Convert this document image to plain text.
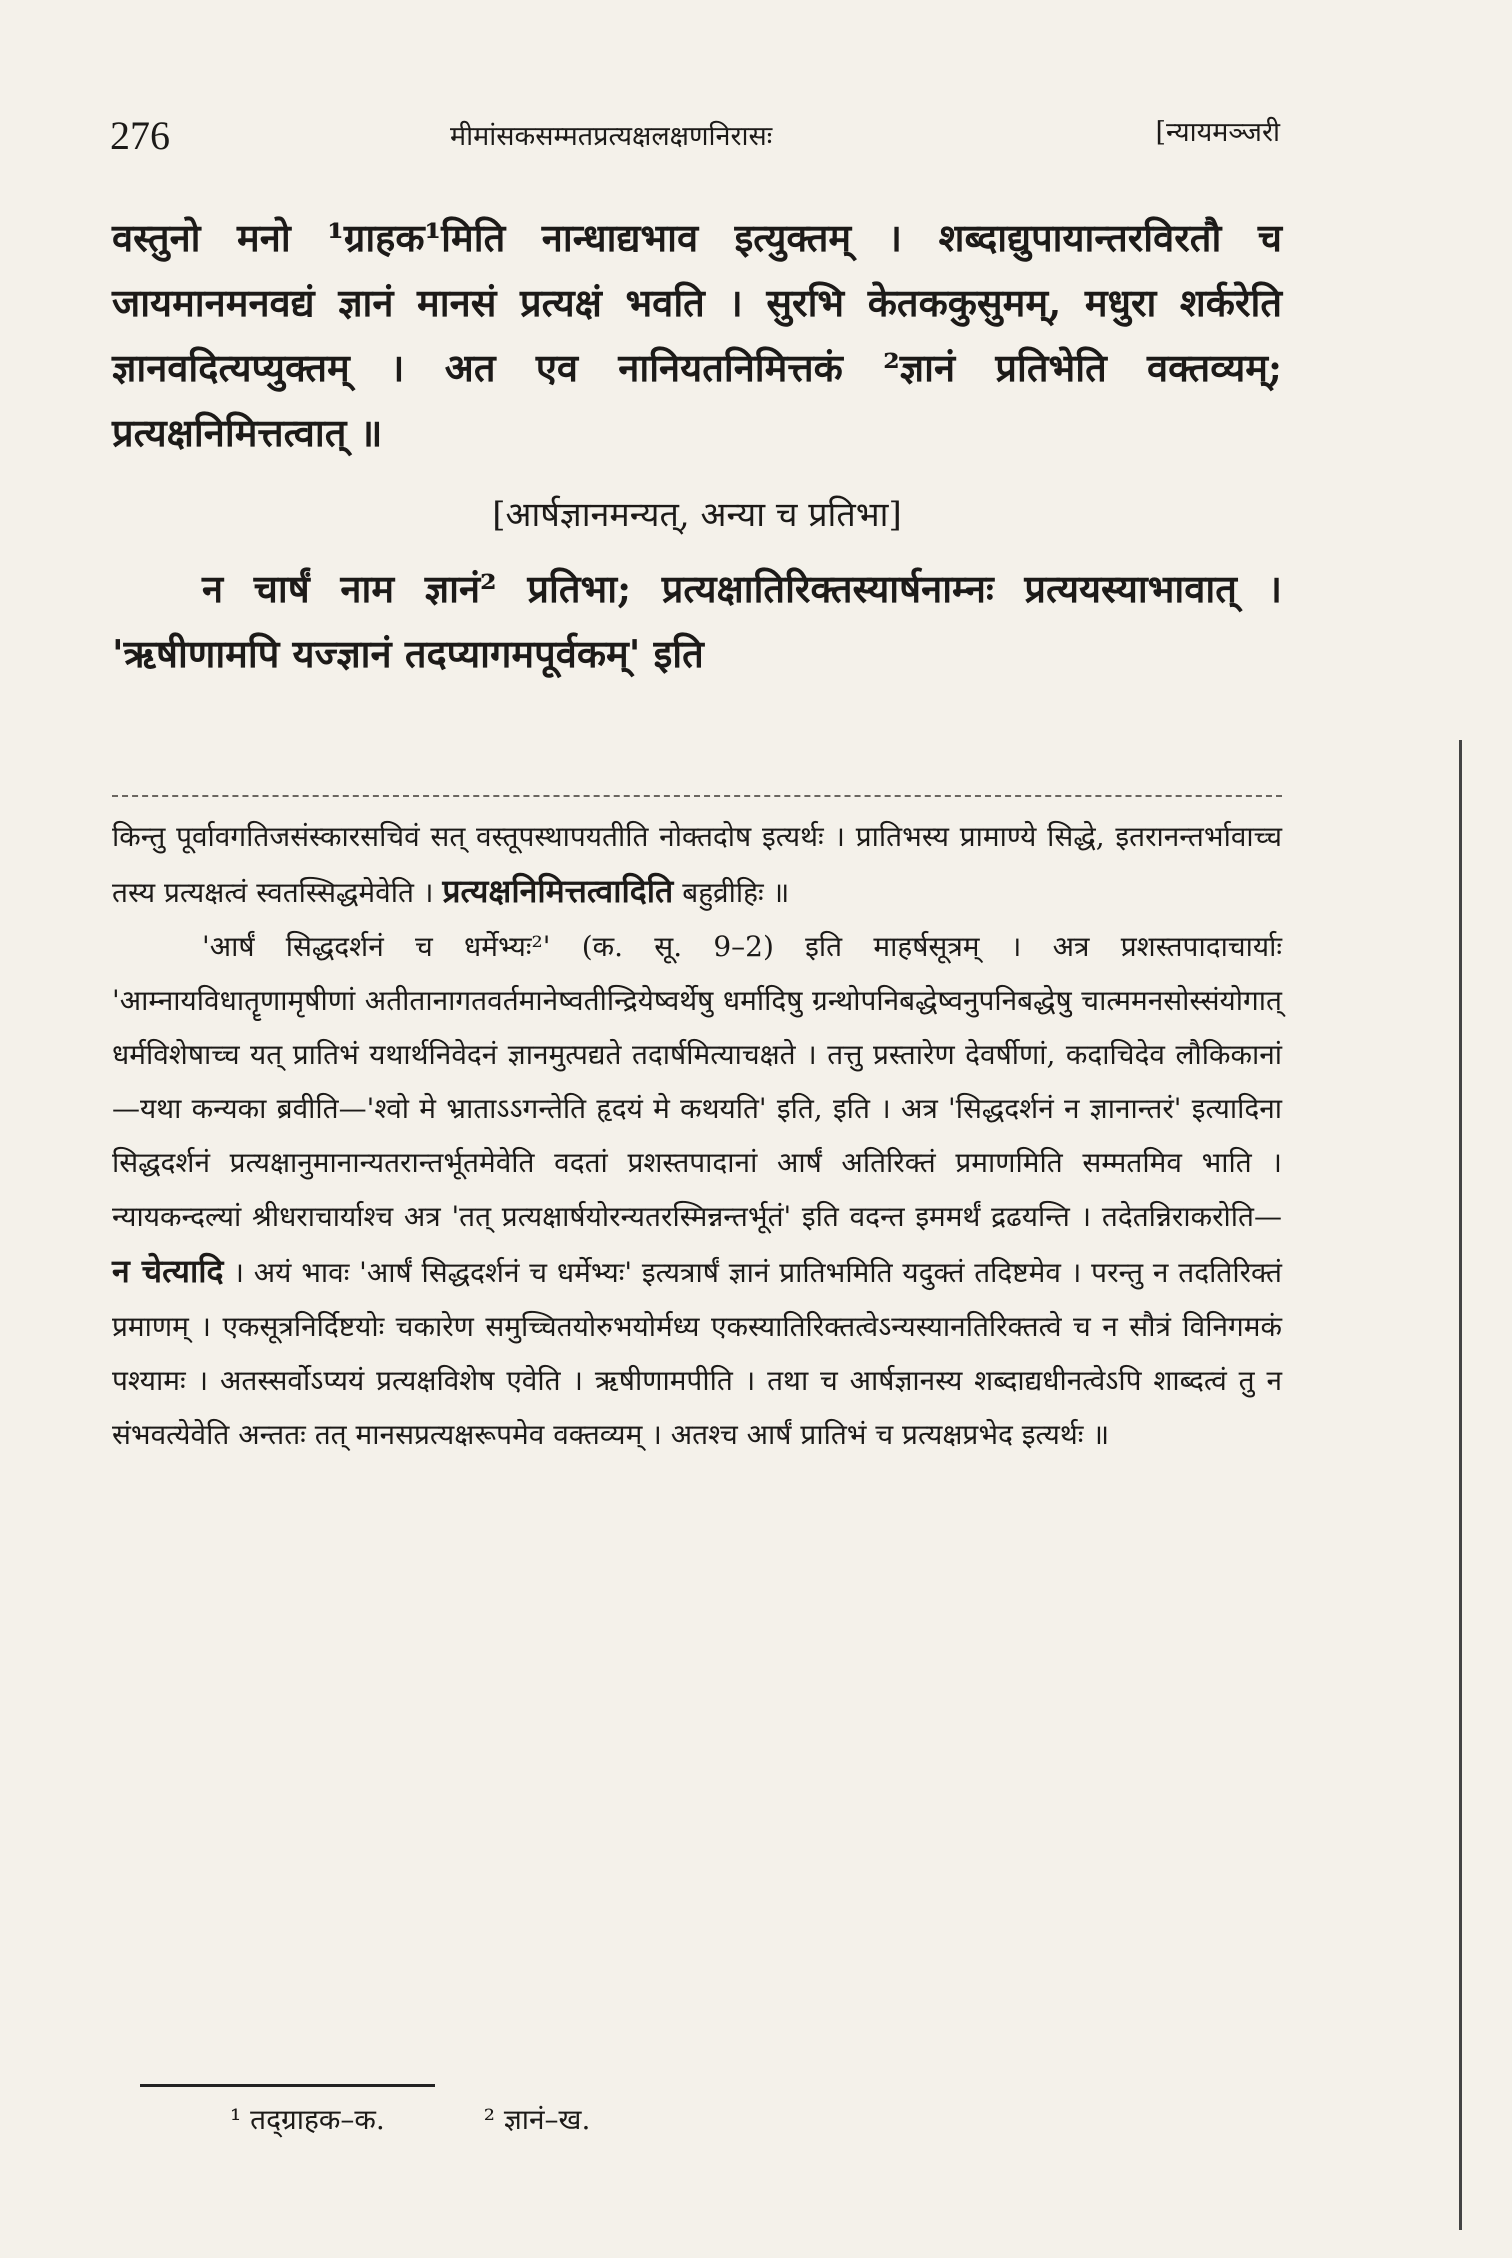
276	मीमांसकसम्मतप्रत्यक्षलक्षणनिरासः	[न्यायमञ्जरी

वस्तुनो मनो ¹ग्राहक¹मिति नान्धाद्यभाव इत्युक्तम् । शब्दाद्युपायान्तरविरतौ च जायमानमनवद्यं ज्ञानं मानसं प्रत्यक्षं भवति । सुरभि केतककुसुमम्, मधुरा शर्करेति ज्ञानवदित्यप्युक्तम् । अत एव नानियतनिमित्तकं ²ज्ञानं प्रतिभेति वक्तव्यम्; प्रत्यक्षनिमित्तत्वात् ॥

[आर्षज्ञानमन्यत्, अन्या च प्रतिभा]

न चार्षं नाम ज्ञानं² प्रतिभा; प्रत्यक्षातिरिक्तस्यार्षनाम्नः प्रत्ययस्याभावात् । 'ऋषीणामपि यज्ज्ञानं तदप्यागमपूर्वकम्' इति

किन्तु पूर्वावगतिजसंस्कारसचिवं सत् वस्तूपस्थापयतीति नोक्तदोष इत्यर्थः । प्रातिभस्य प्रामाण्ये सिद्धे, इतरानन्तर्भावाच्च तस्य प्रत्यक्षत्वं स्वतस्सिद्धमेवेति । प्रत्यक्षनिमित्तत्वादिति बहुव्रीहिः ॥

'आर्षं सिद्धदर्शनं च धर्मेभ्यः²' (क. सू. 9–2) इति माहर्षसूत्रम् । अत्र प्रशस्तपादाचार्याः 'आम्नायविधातॄणामृषीणां अतीतानागतवर्तमानेष्वतीन्द्रियेष्वर्थेषु धर्मादिषु ग्रन्थोपनिबद्धेष्वनुपनिबद्धेषु चात्ममनसोस्संयोगात् धर्मविशेषाच्च यत् प्रातिभं यथार्थनिवेदनं ज्ञानमुत्पद्यते तदार्षमित्याचक्षते । तत्तु प्रस्तारेण देवर्षीणां, कदाचिदेव लौकिकानां—यथा कन्यका ब्रवीति—'श्वो मे भ्राताऽऽगन्तेति हृदयं मे कथयति' इति, इति । अत्र 'सिद्धदर्शनं न ज्ञानान्तरं' इत्यादिना सिद्धदर्शनं प्रत्यक्षानुमानान्यतरान्तर्भूतमेवेति वदतां प्रशस्तपादानां आर्षं अतिरिक्तं प्रमाणमिति सम्मतमिव भाति । न्यायकन्दल्यां श्रीधराचार्याश्च अत्र 'तत् प्रत्यक्षार्षयोरन्यतरस्मिन्नन्तर्भूतं' इति वदन्त इममर्थं द्रढयन्ति । तदेतन्निराकरोति— न चेत्यादि । अयं भावः 'आर्षं सिद्धदर्शनं च धर्मेभ्यः' इत्यत्रार्षं ज्ञानं प्रातिभमिति यदुक्तं तदिष्टमेव । परन्तु न तदतिरिक्तं प्रमाणम् । एकसूत्रनिर्दिष्टयोः चकारेण समुच्चितयोरुभयोर्मध्य एकस्यातिरिक्तत्वेऽन्यस्यानतिरिक्तत्वे च न सौत्रं विनिगमकं पश्यामः । अतस्सर्वोऽप्ययं प्रत्यक्षविशेष एवेति । ऋषीणामपीति । तथा च आर्षज्ञानस्य शब्दाद्यधीनत्वेऽपि शाब्दत्वं तु न संभवत्येवेति अन्ततः तत् मानसप्रत्यक्षरूपमेव वक्तव्यम् । अतश्च आर्षं प्रातिभं च प्रत्यक्षप्रभेद इत्यर्थः ॥

¹ तद्ग्राहक–क.	² ज्ञानं–ख.
